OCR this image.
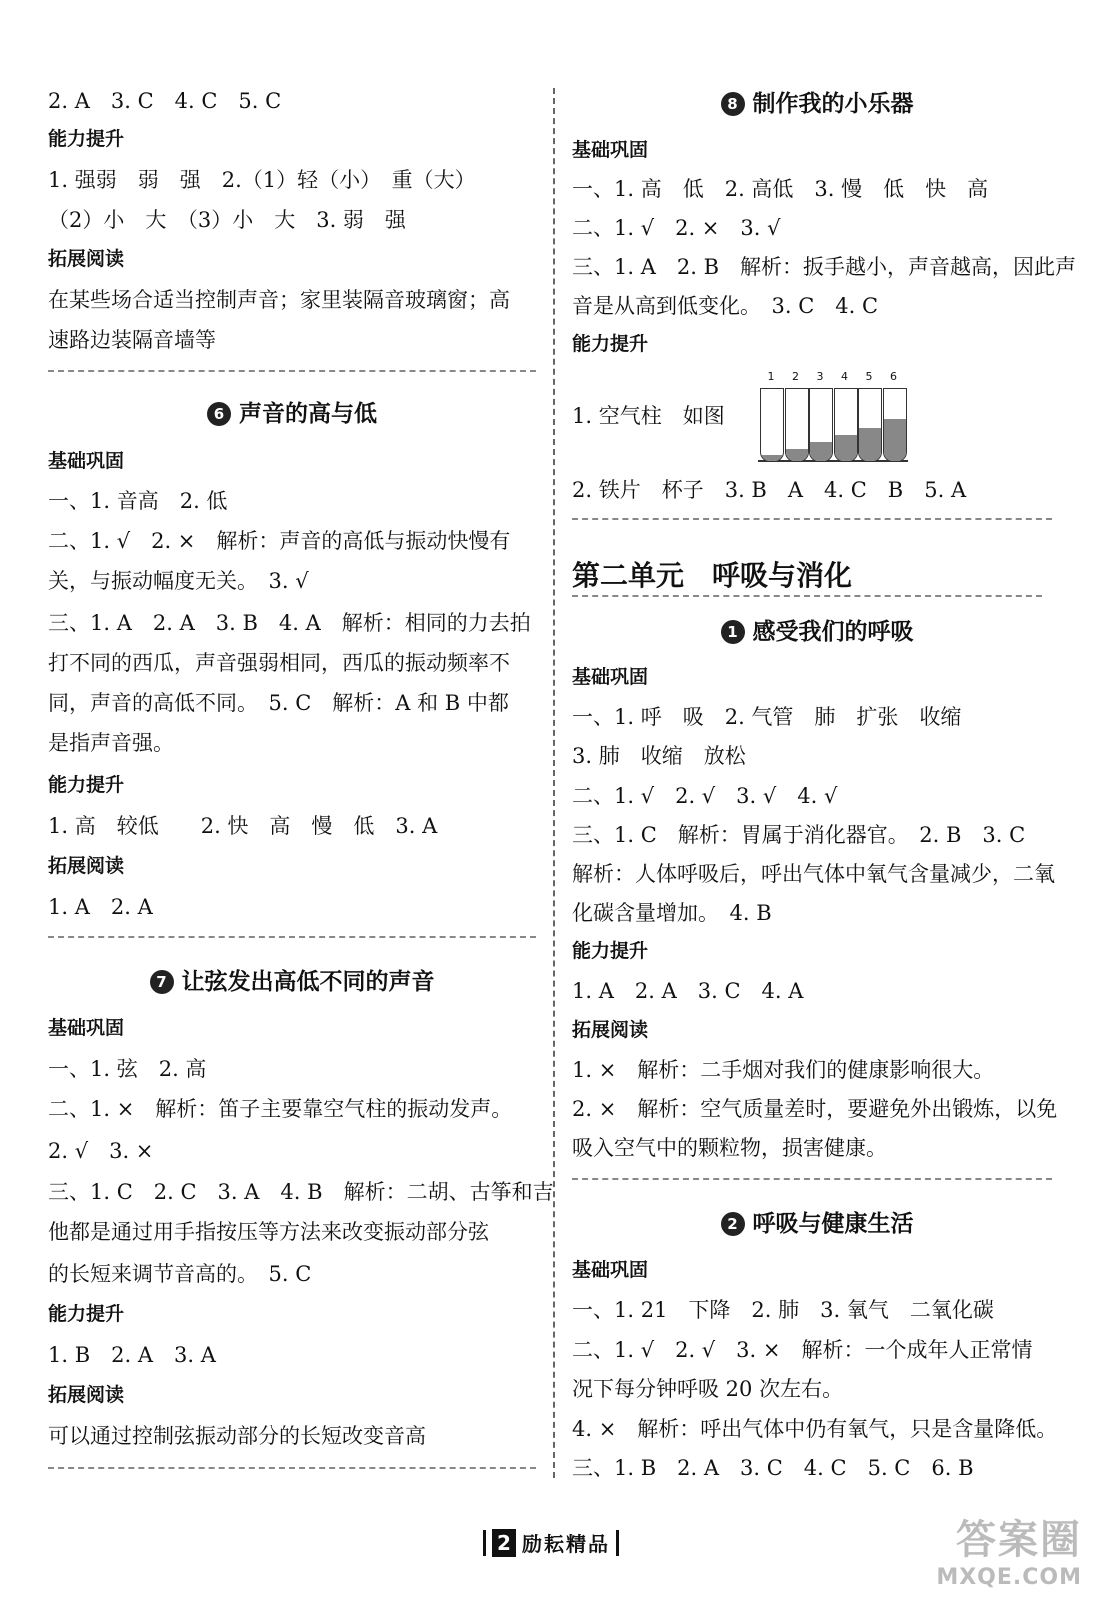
2. A　3. C　4. C　5. C
能力提升
1. 强弱　弱　强　2.（1）轻（小）　重（大）
（2）小　大　（3）小　大　3. 弱　强
拓展阅读
在某些场合适当控制声音；家里装隔音玻璃窗；高
速路边装隔音墙等
6 声音的高与低
基础巩固
一、1. 音高　2. 低
二、1. √　2. ×　解析：声音的高低与振动快慢有
关，与振动幅度无关。　3. √
三、1. A　2. A　3. B　4. A　解析：相同的力去拍
打不同的西瓜，声音强弱相同，西瓜的振动频率不
同，声音的高低不同。　5. C　解析：A 和 B 中都
是指声音强。
能力提升
1. 高　较低　　2. 快　高　慢　低　3. A
拓展阅读
1. A　2. A
7 让弦发出高低不同的声音
基础巩固
一、1. 弦　2. 高
二、1. ×　解析：笛子主要靠空气柱的振动发声。
2. √　3. ×
三、1. C　2. C　3. A　4. B　解析：二胡、古筝和吉
他都是通过用手指按压等方法来改变振动部分弦
的长短来调节音高的。　5. C
能力提升
1. B　2. A　3. A
拓展阅读
可以通过控制弦振动部分的长短改变音高
8 制作我的小乐器
基础巩固
一、1. 高　低　2. 高低　3. 慢　低　快　高
二、1. √　2. ×　3. √
三、1. A　2. B　解析：扳手越小，声音越高，因此声
音是从高到低变化。　3. C　4. C
能力提升
1. 空气柱　如图
1	2	3	4	5	6
2. 铁片　杯子　3. B　A　4. C　B　5. A
第二单元　呼吸与消化
1 感受我们的呼吸
基础巩固
一、1. 呼　吸　2. 气管　肺　扩张　收缩
3. 肺　收缩　放松
二、1. √　2. √　3. √　4. √
三、1. C　解析：胃属于消化器官。　2. B　3. C
解析：人体呼吸后，呼出气体中氧气含量减少，二氧
化碳含量增加。　4. B
能力提升
1. A　2. A　3. C　4. A
拓展阅读
1. ×　解析：二手烟对我们的健康影响很大。
2. ×　解析：空气质量差时，要避免外出锻炼，以免
吸入空气中的颗粒物，损害健康。
2 呼吸与健康生活
基础巩固
一、1. 21　下降　2. 肺　3. 氧气　二氧化碳
二、1. √　2. √　3. ×　解析：一个成年人正常情
况下每分钟呼吸 20 次左右。
4. ×　解析：呼出气体中仍有氧气，只是含量降低。
三、1. B　2. A　3. C　4. C　5. C　6. B
2 励耘精品	答案圈
MXQE.COM
